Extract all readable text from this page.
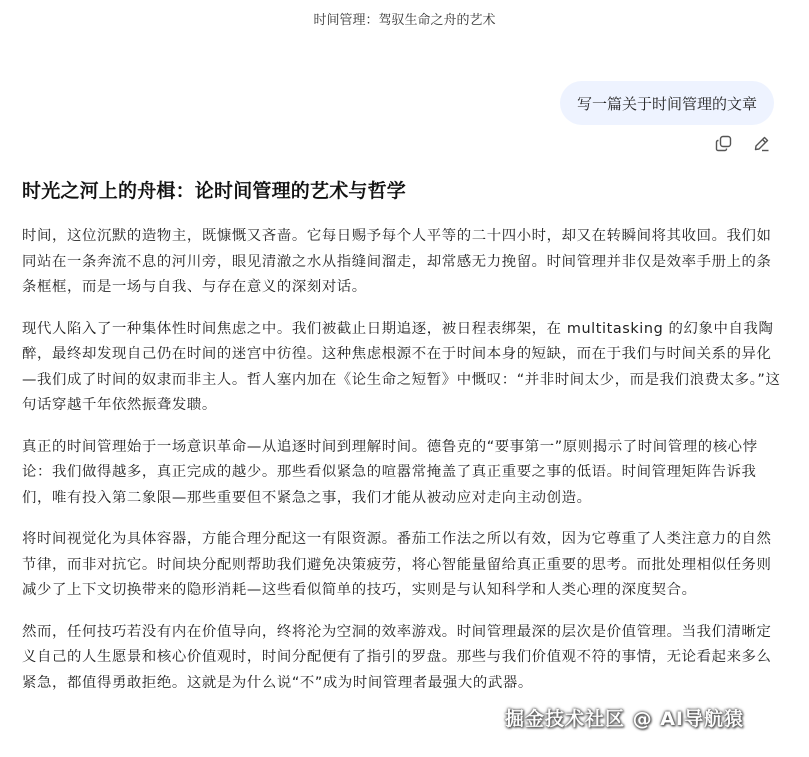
时间管理：驾驭生命之舟的艺术
写一篇关于时间管理的文章
时光之河上的舟楫：论时间管理的艺术与哲学

时间，这位沉默的造物主，既慷慨又吝啬。它每日赐予每个人平等的二十四小时，却又在转瞬间将其收回。我们如同站在一条奔流不息的河川旁，眼见清澈之水从指缝间溜走，却常感无力挽留。时间管理并非仅是效率手册上的条条框框，而是一场与自我、与存在意义的深刻对话。

现代人陷入了一种集体性时间焦虑之中。我们被截止日期追逐，被日程表绑架，在 multitasking 的幻象中自我陶醉，最终却发现自己仍在时间的迷宫中彷徨。这种焦虑根源不在于时间本身的短缺，而在于我们与时间关系的异化—我们成了时间的奴隶而非主人。哲人塞内加在《论生命之短暂》中慨叹：“并非时间太少，而是我们浪费太多。”这句话穿越千年依然振聋发聩。

真正的时间管理始于一场意识革命—从追逐时间到理解时间。德鲁克的“要事第一”原则揭示了时间管理的核心悖论：我们做得越多，真正完成的越少。那些看似紧急的喧嚣常掩盖了真正重要之事的低语。时间管理矩阵告诉我们，唯有投入第二象限—那些重要但不紧急之事，我们才能从被动应对走向主动创造。

将时间视觉化为具体容器，方能合理分配这一有限资源。番茄工作法之所以有效，因为它尊重了人类注意力的自然节律，而非对抗它。时间块分配则帮助我们避免决策疲劳，将心智能量留给真正重要的思考。而批处理相似任务则减少了上下文切换带来的隐形消耗—这些看似简单的技巧，实则是与认知科学和人类心理的深度契合。

然而，任何技巧若没有内在价值导向，终将沦为空洞的效率游戏。时间管理最深的层次是价值管理。当我们清晰定义自己的人生愿景和核心价值观时，时间分配便有了指引的罗盘。那些与我们价值观不符的事情，无论看起来多么紧急，都值得勇敢拒绝。这就是为什么说“不”成为时间管理者最强大的武器。

掘金技术社区 @ AI导航猿
